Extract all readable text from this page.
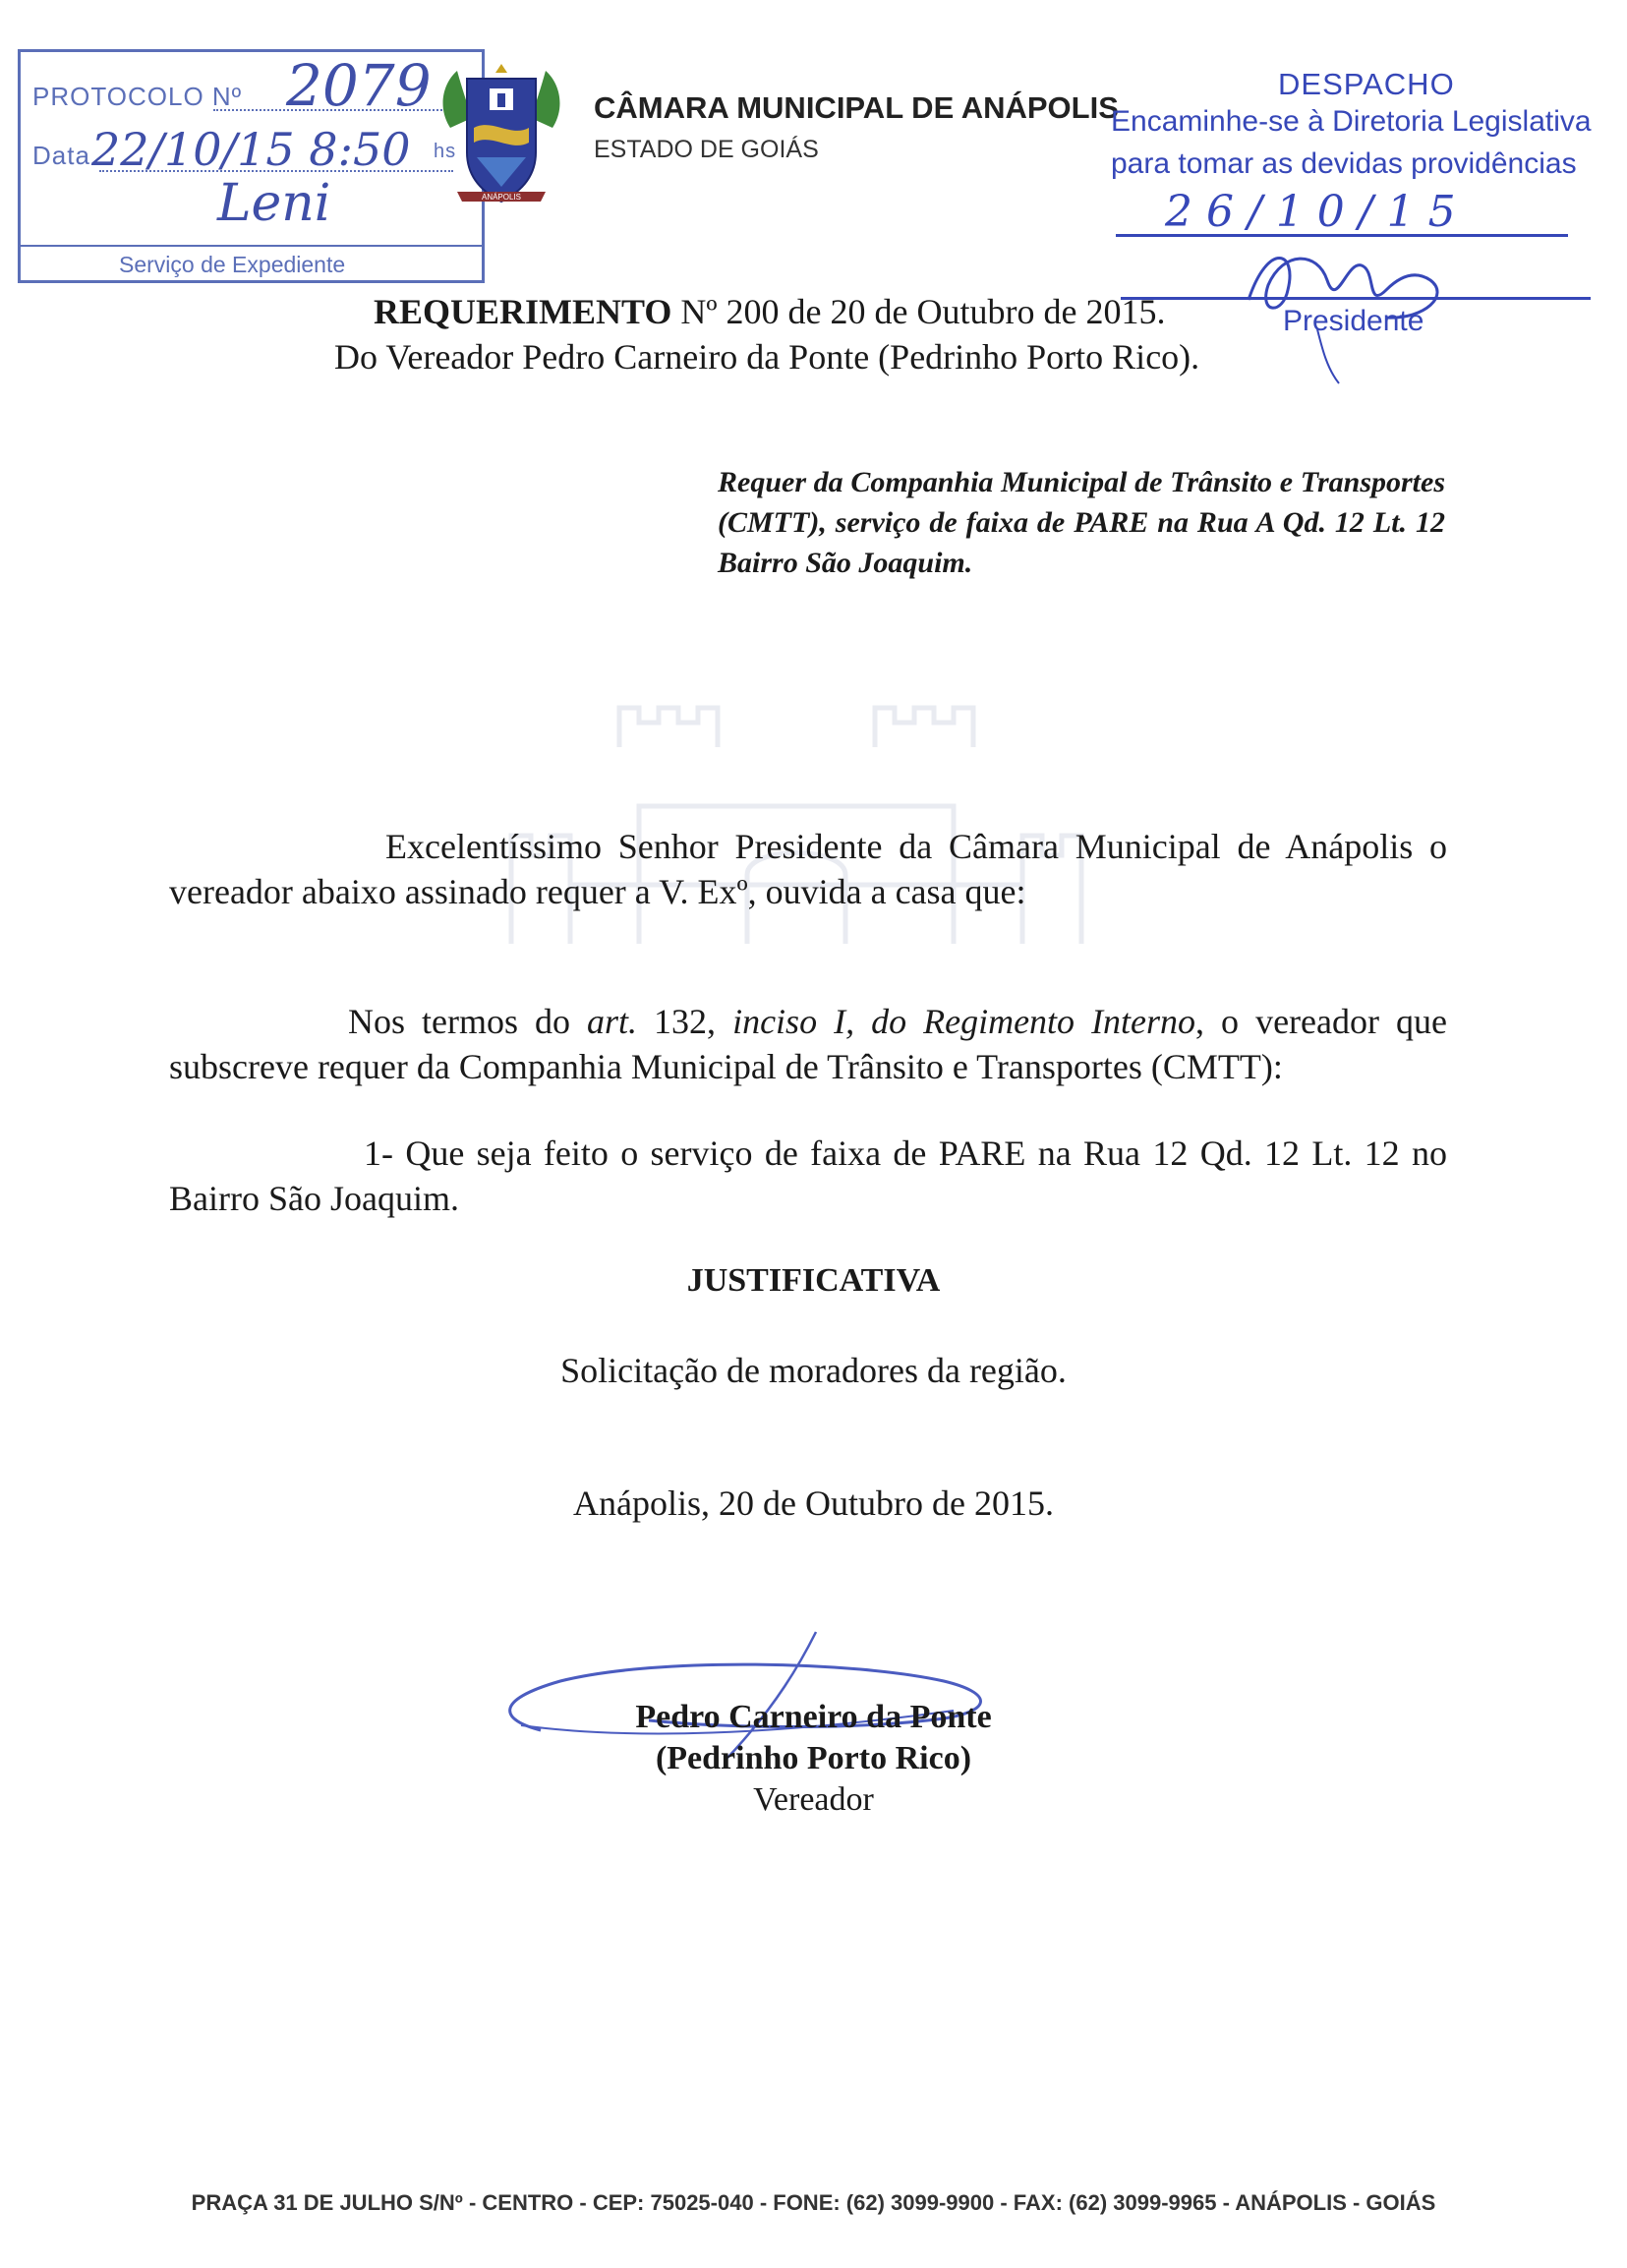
PROTOCOLO Nº 2079
Data 22/10/15 8:50 hs
Leni
Serviço de Expediente
ANÁPOLIS
CÂMARA MUNICIPAL DE ANÁPOLIS
ESTADO DE GOIÁS
DESPACHO
Encaminhe-se à Diretoria Legislativa
para tomar as devidas providências
26/10/15
Presidente
REQUERIMENTO Nº 200 de 20 de Outubro de 2015.
Do Vereador Pedro Carneiro da Ponte (Pedrinho Porto Rico).
Requer da Companhia Municipal de Trânsito e Transportes (CMTT), serviço de faixa de PARE na Rua A Qd. 12 Lt. 12 Bairro São Joaquim.
Excelentíssimo Senhor Presidente da Câmara Municipal de Anápolis o vereador abaixo assinado requer a V. Exº, ouvida a casa que:
Nos termos do art. 132, inciso I, do Regimento Interno, o vereador que subscreve requer da Companhia Municipal de Trânsito e Transportes (CMTT):
1- Que seja feito o serviço de faixa de PARE na Rua 12 Qd. 12 Lt. 12 no Bairro São Joaquim.
JUSTIFICATIVA
Solicitação de moradores da região.
Anápolis, 20 de Outubro de 2015.
Pedro Carneiro da Ponte
(Pedrinho Porto Rico)
Vereador
PRAÇA 31 DE JULHO S/Nº - CENTRO - CEP: 75025-040 - FONE: (62) 3099-9900 - FAX: (62) 3099-9965 - ANÁPOLIS - GOIÁS
